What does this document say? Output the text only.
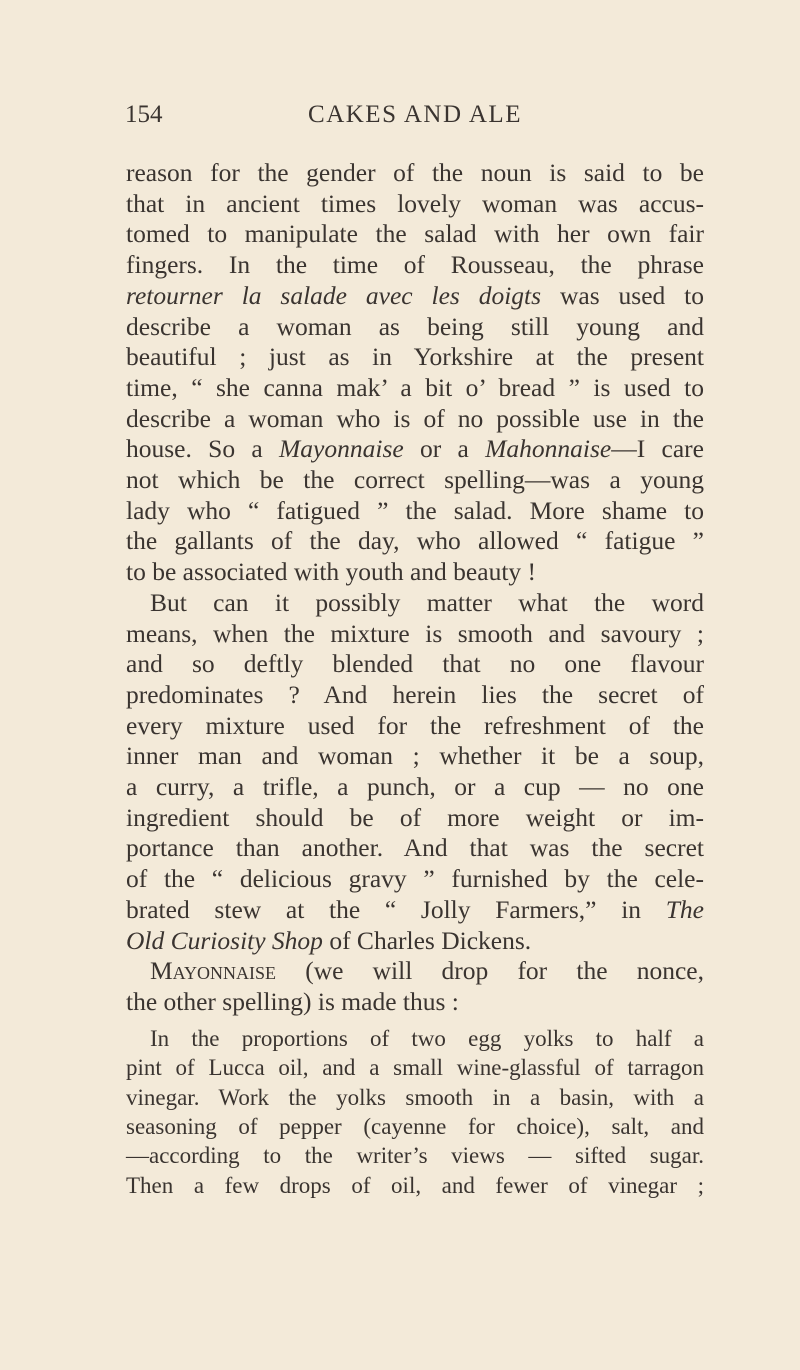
154	CAKES AND ALE
reason for the gender of the noun is said to be
that in ancient times lovely woman was accus-
tomed to manipulate the salad with her own fair
fingers. In the time of Rousseau, the phrase
retourner la salade avec les doigts was used to
describe a woman as being still young and
beautiful ; just as in Yorkshire at the present
time, “ she canna mak’ a bit o’ bread ” is used to
describe a woman who is of no possible use in the
house. So a Mayonnaise or a Mahonnaise—I care
not which be the correct spelling—was a young
lady who “ fatigued ” the salad. More shame to
the gallants of the day, who allowed “ fatigue ”
to be associated with youth and beauty !
But can it possibly matter what the word
means, when the mixture is smooth and savoury ;
and so deftly blended that no one flavour
predominates ? And herein lies the secret of
every mixture used for the refreshment of the
inner man and woman ; whether it be a soup,
a curry, a trifle, a punch, or a cup — no one
ingredient should be of more weight or im-
portance than another. And that was the secret
of the “ delicious gravy ” furnished by the cele-
brated stew at the “ Jolly Farmers,” in The
Old Curiosity Shop of Charles Dickens.
Mayonnaise (we will drop for the nonce,
the other spelling) is made thus :
In the proportions of two egg yolks to half a
pint of Lucca oil, and a small wine-glassful of tarragon
vinegar. Work the yolks smooth in a basin, with a
seasoning of pepper (cayenne for choice), salt, and
—according to the writer’s views — sifted sugar.
Then a few drops of oil, and fewer of vinegar ;
